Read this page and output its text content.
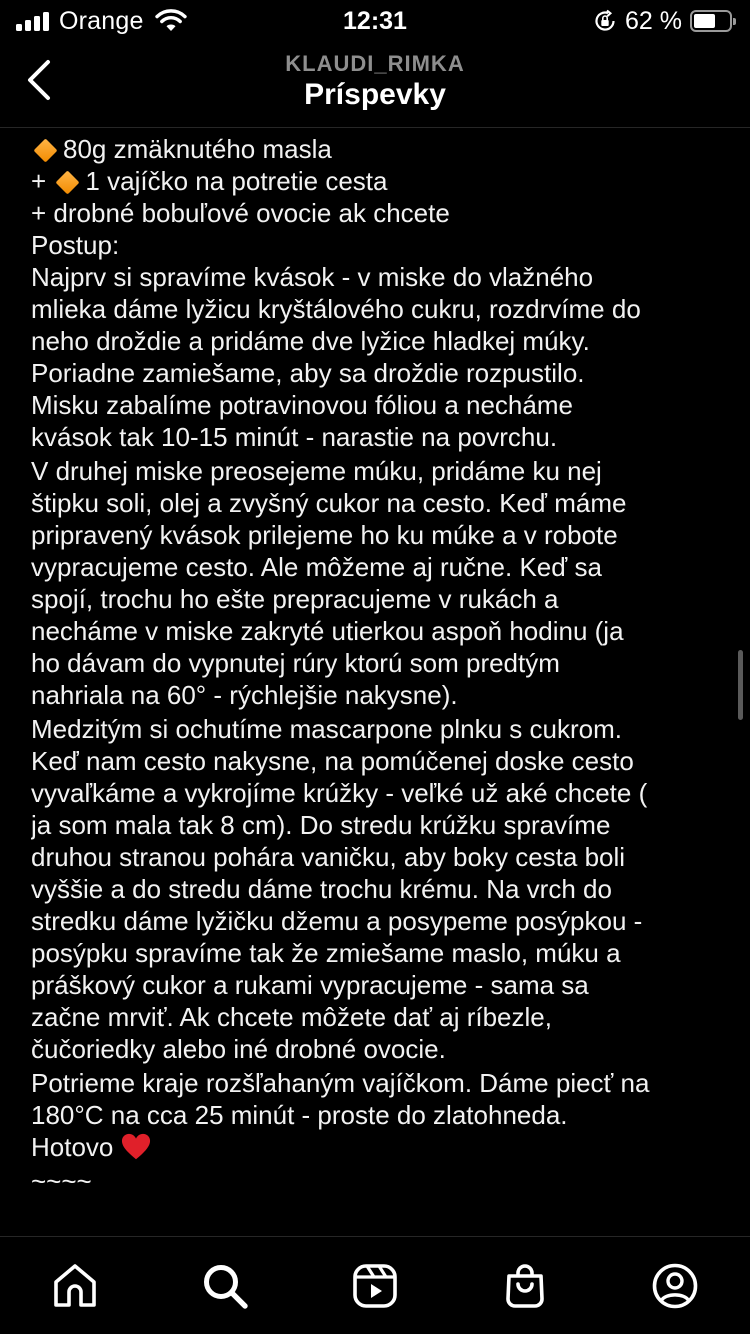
Orange	12:31	62 %
KLAUDI_RIMKA
Príspevky
80g zmäknutého masla
+ 1 vajíčko na potretie cesta
+ drobné bobuľové ovocie ak chcete
Postup:
Najprv si spravíme kvások - v miske do vlažného
mlieka dáme lyžicu kryštálového cukru, rozdrvíme do
neho droždie a pridáme dve lyžice hladkej múky.
Poriadne zamiešame, aby sa droždie rozpustilo.
Misku zabalíme potravinovou fóliou a necháme
kvások tak 10-15 minút - narastie na povrchu.
V druhej miske preosejeme múku, pridáme ku nej
štipku soli, olej a zvyšný cukor na cesto. Keď máme
pripravený kvások prilejeme ho ku múke a v robote
vypracujeme cesto. Ale môžeme aj ručne. Keď sa
spojí, trochu ho ešte prepracujeme v rukách a
necháme v miske zakryté utierkou aspoň hodinu (ja
ho dávam do vypnutej rúry ktorú som predtým
nahriala na 60° - rýchlejšie nakysne).
Medzitým si ochutíme mascarpone plnku s cukrom.
Keď nam cesto nakysne, na pomúčenej doske cesto
vyvaľkáme a vykrojíme krúžky - veľké už aké chcete (
ja som mala tak 8 cm). Do stredu krúžku spravíme
druhou stranou pohára vaničku, aby boky cesta boli
vyššie a do stredu dáme trochu krému. Na vrch do
stredku dáme lyžičku džemu a posypeme posýpkou -
posýpku spravíme tak že zmiešame maslo, múku a
práškový cukor a rukami vypracujeme - sama sa
začne mrviť. Ak chcete môžete dať aj ríbezle,
čučoriedky alebo iné drobné ovocie.
Potrieme kraje rozšľahaným vajíčkom. Dáme piecť na
180°C na cca 25 minút - proste do zlatohneda.
Hotovo
~~~~
